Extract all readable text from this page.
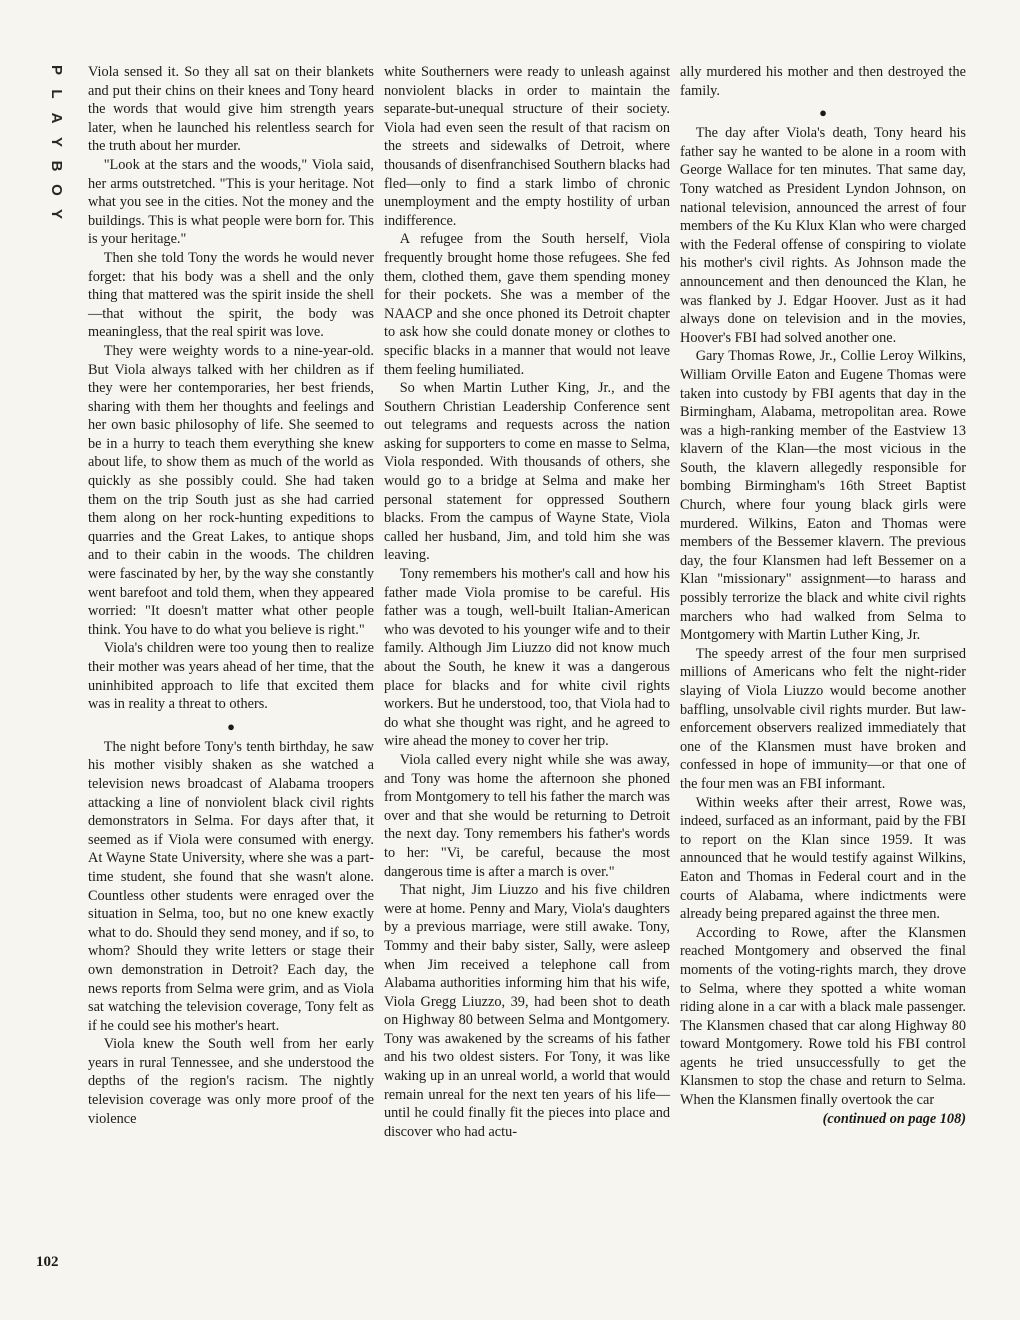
P
L
A
Y
B
O
Y

Viola sensed it. So they all sat on their blankets and put their chins on their knees and Tony heard the words that would give him strength years later, when he launched his relentless search for the truth about her murder.

"Look at the stars and the woods," Viola said, her arms outstretched. "This is your heritage. Not what you see in the cities. Not the money and the buildings. This is what people were born for. This is your heritage."

Then she told Tony the words he would never forget: that his body was a shell and the only thing that mattered was the spirit inside the shell—that without the spirit, the body was meaningless, that the real spirit was love.

They were weighty words to a nine-year-old. But Viola always talked with her children as if they were her contemporaries, her best friends, sharing with them her thoughts and feelings and her own basic philosophy of life. She seemed to be in a hurry to teach them everything she knew about life, to show them as much of the world as quickly as she possibly could. She had taken them on the trip South just as she had carried them along on her rock-hunting expeditions to quarries and the Great Lakes, to antique shops and to their cabin in the woods. The children were fascinated by her, by the way she constantly went barefoot and told them, when they appeared worried: "It doesn't matter what other people think. You have to do what you believe is right."

Viola's children were too young then to realize their mother was years ahead of her time, that the uninhibited approach to life that excited them was in reality a threat to others.

●

The night before Tony's tenth birthday, he saw his mother visibly shaken as she watched a television news broadcast of Alabama troopers attacking a line of nonviolent black civil rights demonstrators in Selma. For days after that, it seemed as if Viola were consumed with energy. At Wayne State University, where she was a part-time student, she found that she wasn't alone. Countless other students were enraged over the situation in Selma, too, but no one knew exactly what to do. Should they send money, and if so, to whom? Should they write letters or stage their own demonstration in Detroit? Each day, the news reports from Selma were grim, and as Viola sat watching the television coverage, Tony felt as if he could see his mother's heart.

Viola knew the South well from her early years in rural Tennessee, and she understood the depths of the region's racism. The nightly television coverage was only more proof of the violence

white Southerners were ready to unleash against nonviolent blacks in order to maintain the separate-but-unequal structure of their society. Viola had even seen the result of that racism on the streets and sidewalks of Detroit, where thousands of disenfranchised Southern blacks had fled—only to find a stark limbo of chronic unemployment and the empty hostility of urban indifference.

A refugee from the South herself, Viola frequently brought home those refugees. She fed them, clothed them, gave them spending money for their pockets. She was a member of the NAACP and she once phoned its Detroit chapter to ask how she could donate money or clothes to specific blacks in a manner that would not leave them feeling humiliated.

So when Martin Luther King, Jr., and the Southern Christian Leadership Conference sent out telegrams and requests across the nation asking for supporters to come en masse to Selma, Viola responded. With thousands of others, she would go to a bridge at Selma and make her personal statement for oppressed Southern blacks. From the campus of Wayne State, Viola called her husband, Jim, and told him she was leaving.

Tony remembers his mother's call and how his father made Viola promise to be careful. His father was a tough, well-built Italian-American who was devoted to his younger wife and to their family. Although Jim Liuzzo did not know much about the South, he knew it was a dangerous place for blacks and for white civil rights workers. But he understood, too, that Viola had to do what she thought was right, and he agreed to wire ahead the money to cover her trip.

Viola called every night while she was away, and Tony was home the afternoon she phoned from Montgomery to tell his father the march was over and that she would be returning to Detroit the next day. Tony remembers his father's words to her: "Vi, be careful, because the most dangerous time is after a march is over."

That night, Jim Liuzzo and his five children were at home. Penny and Mary, Viola's daughters by a previous marriage, were still awake. Tony, Tommy and their baby sister, Sally, were asleep when Jim received a telephone call from Alabama authorities informing him that his wife, Viola Gregg Liuzzo, 39, had been shot to death on Highway 80 between Selma and Montgomery. Tony was awakened by the screams of his father and his two oldest sisters. For Tony, it was like waking up in an unreal world, a world that would remain unreal for the next ten years of his life—until he could finally fit the pieces into place and discover who had actu-

ally murdered his mother and then destroyed the family.

●

The day after Viola's death, Tony heard his father say he wanted to be alone in a room with George Wallace for ten minutes. That same day, Tony watched as President Lyndon Johnson, on national television, announced the arrest of four members of the Ku Klux Klan who were charged with the Federal offense of conspiring to violate his mother's civil rights. As Johnson made the announcement and then denounced the Klan, he was flanked by J. Edgar Hoover. Just as it had always done on television and in the movies, Hoover's FBI had solved another one.

Gary Thomas Rowe, Jr., Collie Leroy Wilkins, William Orville Eaton and Eugene Thomas were taken into custody by FBI agents that day in the Birmingham, Alabama, metropolitan area. Rowe was a high-ranking member of the Eastview 13 klavern of the Klan—the most vicious in the South, the klavern allegedly responsible for bombing Birmingham's 16th Street Baptist Church, where four young black girls were murdered. Wilkins, Eaton and Thomas were members of the Bessemer klavern. The previous day, the four Klansmen had left Bessemer on a Klan "missionary" assignment—to harass and possibly terrorize the black and white civil rights marchers who had walked from Selma to Montgomery with Martin Luther King, Jr.

The speedy arrest of the four men surprised millions of Americans who felt the night-rider slaying of Viola Liuzzo would become another baffling, unsolvable civil rights murder. But law-enforcement observers realized immediately that one of the Klansmen must have broken and confessed in hope of immunity—or that one of the four men was an FBI informant.

Within weeks after their arrest, Rowe was, indeed, surfaced as an informant, paid by the FBI to report on the Klan since 1959. It was announced that he would testify against Wilkins, Eaton and Thomas in Federal court and in the courts of Alabama, where indictments were already being prepared against the three men.

According to Rowe, after the Klansmen reached Montgomery and observed the final moments of the voting-rights march, they drove to Selma, where they spotted a white woman riding alone in a car with a black male passenger. The Klansmen chased that car along Highway 80 toward Montgomery. Rowe told his FBI control agents he tried unsuccessfully to get the Klansmen to stop the chase and return to Selma. When the Klansmen finally overtook the car

(continued on page 108)

102
